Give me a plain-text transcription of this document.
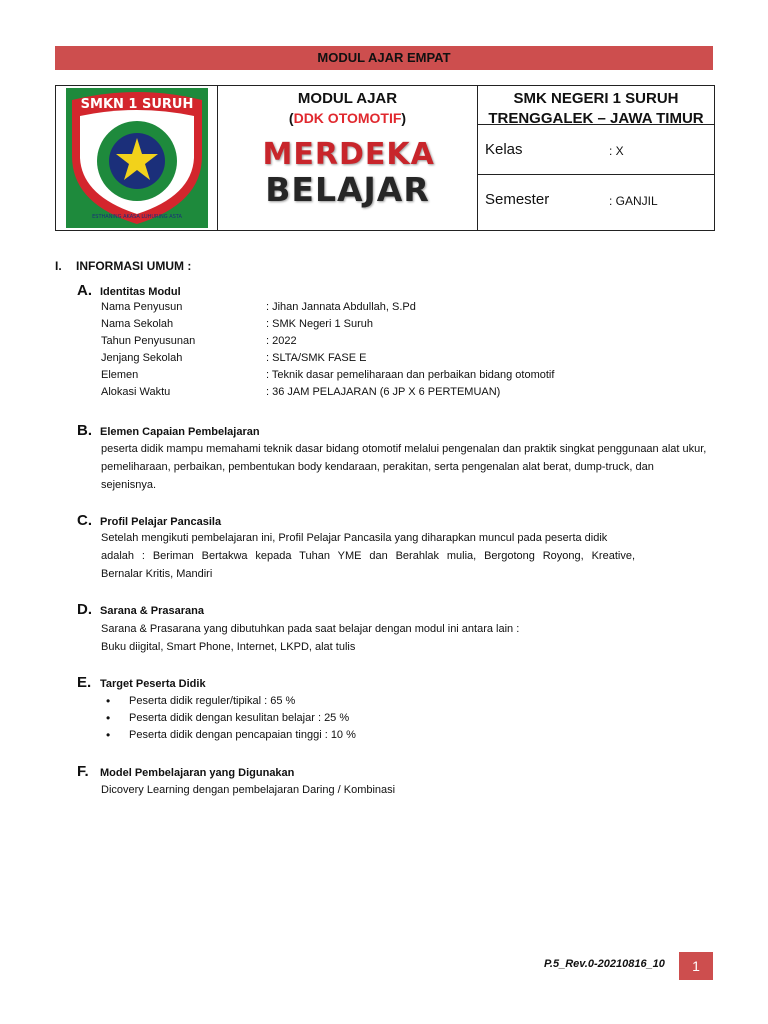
MODUL AJAR EMPAT
SMKN 1 SURUH
ESTHANING AKASA LUHURING ASTA

MODUL AJAR
(DDK OTOMOTIF)
MERDEKA
BELAJAR

SMK NEGERI 1 SURUH
TRENGGALEK – JAWA TIMUR
Kelas	: X
Semester	: GANJIL
I. INFORMASI UMUM :
A. Identitas Modul
Nama Penyusun	: Jihan Jannata Abdullah, S.Pd
Nama Sekolah	: SMK Negeri 1 Suruh
Tahun Penyusunan	: 2022
Jenjang Sekolah	: SLTA/SMK FASE E
Elemen	: Teknik dasar pemeliharaan dan perbaikan bidang otomotif
Alokasi Waktu	: 36 JAM PELAJARAN (6 JP X 6 PERTEMUAN)
B. Elemen Capaian Pembelajaran
peserta didik mampu memahami teknik dasar bidang otomotif melalui pengenalan dan praktik singkat penggunaan alat ukur, pemeliharaan, perbaikan, pembentukan body kendaraan, perakitan, serta pengenalan alat berat, dump-truck, dan sejenisnya.
C. Profil Pelajar Pancasila
Setelah mengikuti pembelajaran ini, Profil Pelajar Pancasila yang diharapkan muncul pada peserta didik
adalah : Beriman Bertakwa kepada Tuhan YME dan Berahlak mulia, Bergotong Royong, Kreative,
Bernalar Kritis, Mandiri
D. Sarana & Prasarana
Sarana & Prasarana yang dibutuhkan pada saat belajar dengan modul ini antara lain :
Buku diigital, Smart Phone, Internet, LKPD, alat tulis
E. Target Peserta Didik
• Peserta didik reguler/tipikal : 65 %
• Peserta didik dengan kesulitan belajar : 25 %
• Peserta didik dengan pencapaian tinggi : 10 %
F. Model Pembelajaran yang Digunakan
Dicovery Learning dengan pembelajaran Daring / Kombinasi
P.5_Rev.0-20210816_10	1
